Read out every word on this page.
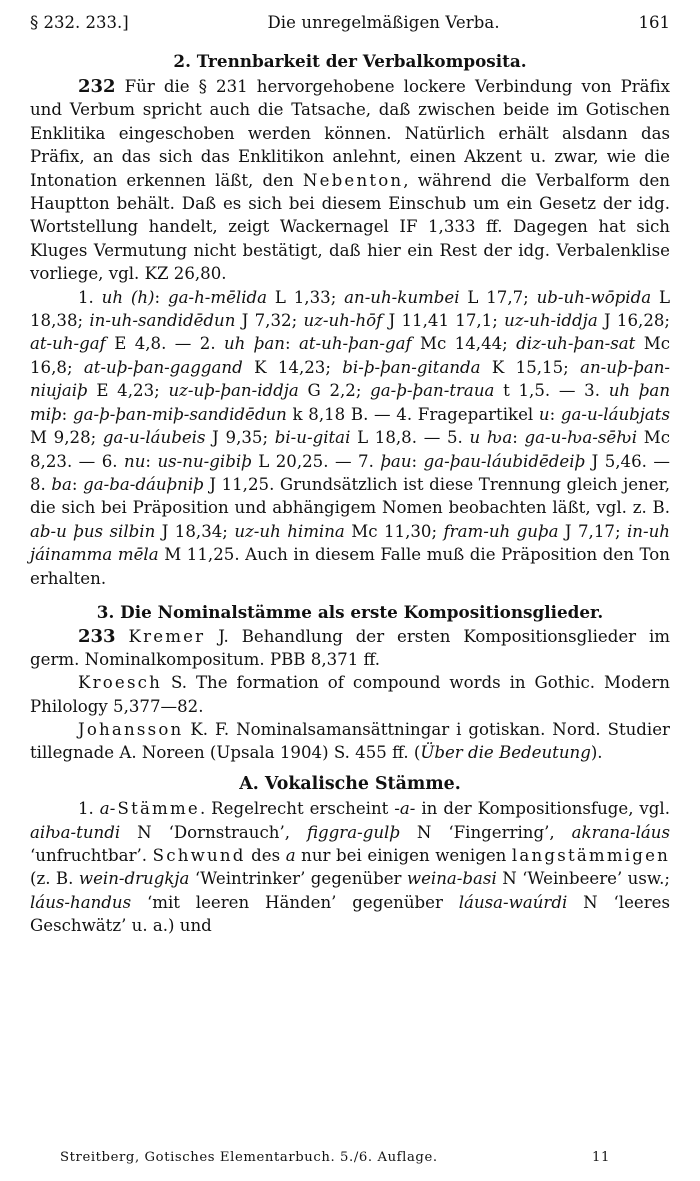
§ 232. 233.]	Die unregelmäßigen Verba.	161
2. Trennbarkeit der Verbalkomposita.

232 Für die § 231 hervorgehobene lockere Verbindung von Präfix und Verbum spricht auch die Tatsache, daß zwischen beide im Gotischen Enklitika eingeschoben werden können. Natürlich erhält alsdann das Präfix, an das sich das Enklitikon anlehnt, einen Akzent u. zwar, wie die Intonation erkennen läßt, den Nebenton, während die Verbalform den Hauptton behält. Daß es sich bei diesem Einschub um ein Gesetz der idg. Wortstellung handelt, zeigt Wackernagel IF 1,333 ff. Dagegen hat sich Kluges Vermutung nicht bestätigt, daß hier ein Rest der idg. Verbalenklise vorliege, vgl. KZ 26,80.

1. uh (h): ga-h-mēlida L 1,33; an-uh-kumbei L 17,7; ub-uh-wōpida L 18,38; in-uh-sandidēdun J 7,32; uz-uh-hōf J 11,41 17,1; uz-uh-iddja J 16,28; at-uh-gaf E 4,8. — 2. uh þan: at-uh-þan-gaf Mc 14,44; diz-uh-þan-sat Mc 16,8; at-uþ-þan-gaggand K 14,23; bi-þ-þan-gitanda K 15,15; an-uþ-þan-niujaiþ E 4,23; uz-uþ-þan-iddja G 2,2; ga-þ-þan-traua t 1,5. — 3. uh þan miþ: ga-þ-þan-miþ-sandidēdun k 8,18 B. — 4. Fragepartikel u: ga-u-láubjats M 9,28; ga-u-láubeis J 9,35; bi-u-gitai L 18,8. — 5. u ƕa: ga-u-ƕa-sēƕi Mc 8,23. — 6. nu: us-nu-gibiþ L 20,25. — 7. þau: ga-þau-láubidēdeiþ J 5,46. — 8. ba: ga-ba-dáuþniþ J 11,25. Grundsätzlich ist diese Trennung gleich jener, die sich bei Präposition und abhängigem Nomen beobachten läßt, vgl. z. B. ab-u þus silbin J 18,34; uz-uh himina Mc 11,30; fram-uh guþa J 7,17; in-uh jáinamma mēla M 11,25. Auch in diesem Falle muß die Präposition den Ton erhalten.

3. Die Nominalstämme als erste Kompositionsglieder.

233 Kremer J. Behandlung der ersten Kompositionsglieder im germ. Nominalkompositum. PBB 8,371 ff.

Kroesch S. The formation of compound words in Gothic. Modern Philology 5,377—82.

Johansson K. F. Nominalsamansättningar i gotiskan. Nord. Studier tillegnade A. Noreen (Upsala 1904) S. 455 ff. (Über die Bedeutung).

A. Vokalische Stämme.

1. a-Stämme. Regelrecht erscheint -a- in der Kompositionsfuge, vgl. aiƕa-tundi N ‘Dornstrauch’, figgra-gulþ N ‘Fingerring’, akrana-láus ‘unfruchtbar’. Schwund des a nur bei einigen wenigen langstämmigen (z. B. wein-drugkja ‘Weintrinker’ gegenüber weina-basi N ‘Weinbeere’ usw.; láus-handus ‘mit leeren Händen’ gegenüber láusa-waúrdi N ‘leeres Geschwätz’ u. a.) und

Streitberg, Gotisches Elementarbuch. 5./6. Auflage.	11
